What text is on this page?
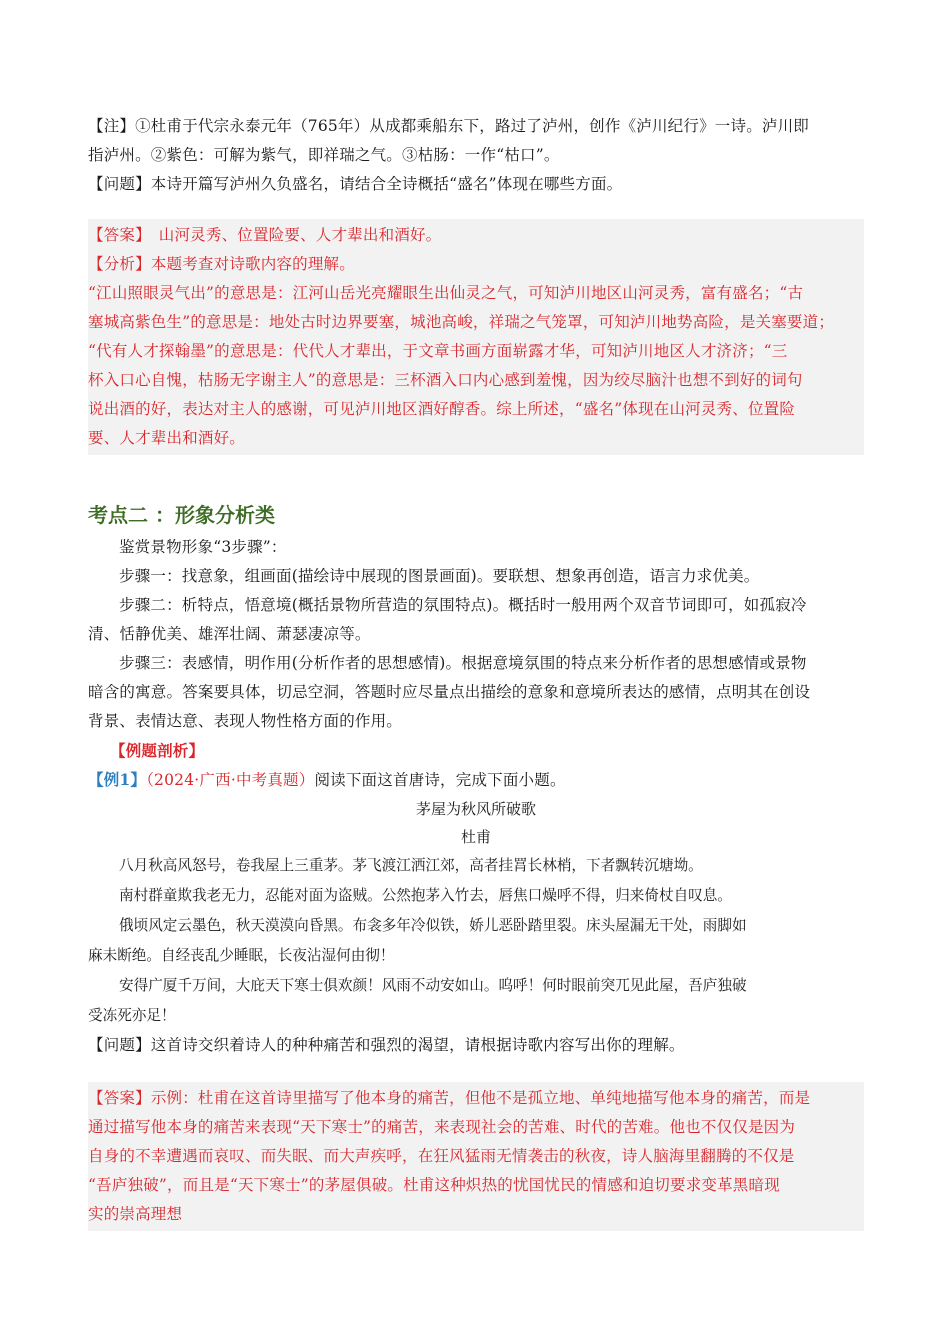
【注】①杜甫于代宗永泰元年（765年）从成都乘船东下，路过了泸州，创作《泸川纪行》一诗。泸川即

指泸州。②紫色：可解为紫气，即祥瑞之气。③枯肠：一作“枯口”。

【问题】本诗开篇写泸州久负盛名，请结合全诗概括“盛名”体现在哪些方面。

【答案】　山河灵秀、位置险要、人才辈出和酒好。

【分析】本题考查对诗歌内容的理解。

“江山照眼灵气出”的意思是：江河山岳光亮耀眼生出仙灵之气，可知泸川地区山河灵秀，富有盛名；“古

塞城高紫色生”的意思是：地处古时边界要塞，城池高峻，祥瑞之气笼罩，可知泸川地势高险，是关塞要道；

“代有人才探翰墨”的意思是：代代人才辈出，于文章书画方面崭露才华，可知泸川地区人才济济；“三

杯入口心自愧，枯肠无字谢主人”的意思是：三杯酒入口内心感到羞愧，因为绞尽脑汁也想不到好的词句

说出酒的好，表达对主人的感谢，可见泸川地区酒好醇香。综上所述，“盛名”体现在山河灵秀、位置险

要、人才辈出和酒好。

考点二 ：形象分析类

鉴赏景物形象“3步骤”：

步骤一：找意象，组画面(描绘诗中展现的图景画面)。要联想、想象再创造，语言力求优美。

步骤二：析特点，悟意境(概括景物所营造的氛围特点)。概括时一般用两个双音节词即可，如孤寂冷

清、恬静优美、雄浑壮阔、萧瑟凄凉等。

步骤三：表感情，明作用(分析作者的思想感情)。根据意境氛围的特点来分析作者的思想感情或景物

暗含的寓意。答案要具体，切忌空洞，答题时应尽量点出描绘的意象和意境所表达的感情，点明其在创设

背景、表情达意、表现人物性格方面的作用。

【例题剖析】

【例1】（2024·广西·中考真题）阅读下面这首唐诗，完成下面小题。

茅屋为秋风所破歌

杜甫

八月秋高风怒号，卷我屋上三重茅。茅飞渡江洒江郊，高者挂罥长林梢，下者飘转沉塘坳。

南村群童欺我老无力，忍能对面为盗贼。公然抱茅入竹去，唇焦口燥呼不得，归来倚杖自叹息。

俄顷风定云墨色，秋天漠漠向昏黑。布衾多年冷似铁，娇儿恶卧踏里裂。床头屋漏无干处，雨脚如

麻未断绝。自经丧乱少睡眠，长夜沾湿何由彻！

安得广厦千万间，大庇天下寒士俱欢颜！风雨不动安如山。呜呼！何时眼前突兀见此屋，吾庐独破

受冻死亦足！

【问题】这首诗交织着诗人的种种痛苦和强烈的渴望，请根据诗歌内容写出你的理解。

【答案】示例：杜甫在这首诗里描写了他本身的痛苦，但他不是孤立地、单纯地描写他本身的痛苦，而是

通过描写他本身的痛苦来表现“天下寒士”的痛苦，来表现社会的苦难、时代的苦难。他也不仅仅是因为

自身的不幸遭遇而哀叹、而失眠、而大声疾呼，在狂风猛雨无情袭击的秋夜，诗人脑海里翻腾的不仅是

“吾庐独破”，而且是“天下寒士”的茅屋俱破。杜甫这种炽热的忧国忧民的情感和迫切要求变革黑暗现

实的崇高理想
